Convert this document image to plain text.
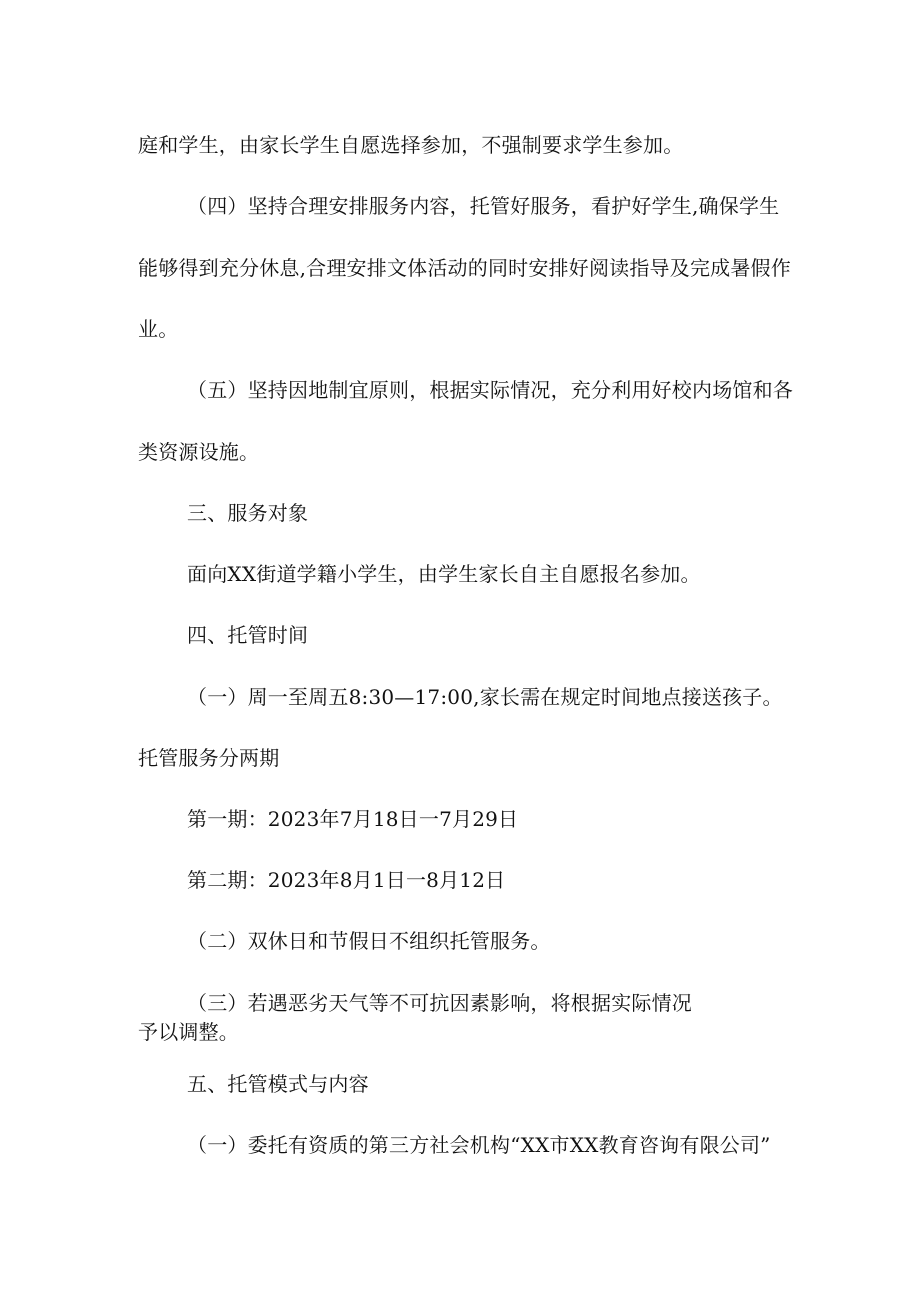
庭和学生，由家长学生自愿选择参加，不强制要求学生参加。
（四）坚持合理安排服务内容，托管好服务，看护好学生,确保学生
能够得到充分休息,合理安排文体活动的同时安排好阅读指导及完成暑假作
业。
（五）坚持因地制宜原则，根据实际情况，充分利用好校内场馆和各
类资源设施。
三、服务对象
面向XX街道学籍小学生，由学生家长自主自愿报名参加。
四、托管时间
（一）周一至周五8:30—17:00,家长需在规定时间地点接送孩子。
托管服务分两期
第一期：2023年7月18日一7月29日
第二期：2023年8月1日一8月12日
（二）双休日和节假日不组织托管服务。
（三）若遇恶劣天气等不可抗因素影响，将根据实际情况
予以调整。
五、托管模式与内容
（一）委托有资质的第三方社会机构“XX市XX教育咨询有限公司”
